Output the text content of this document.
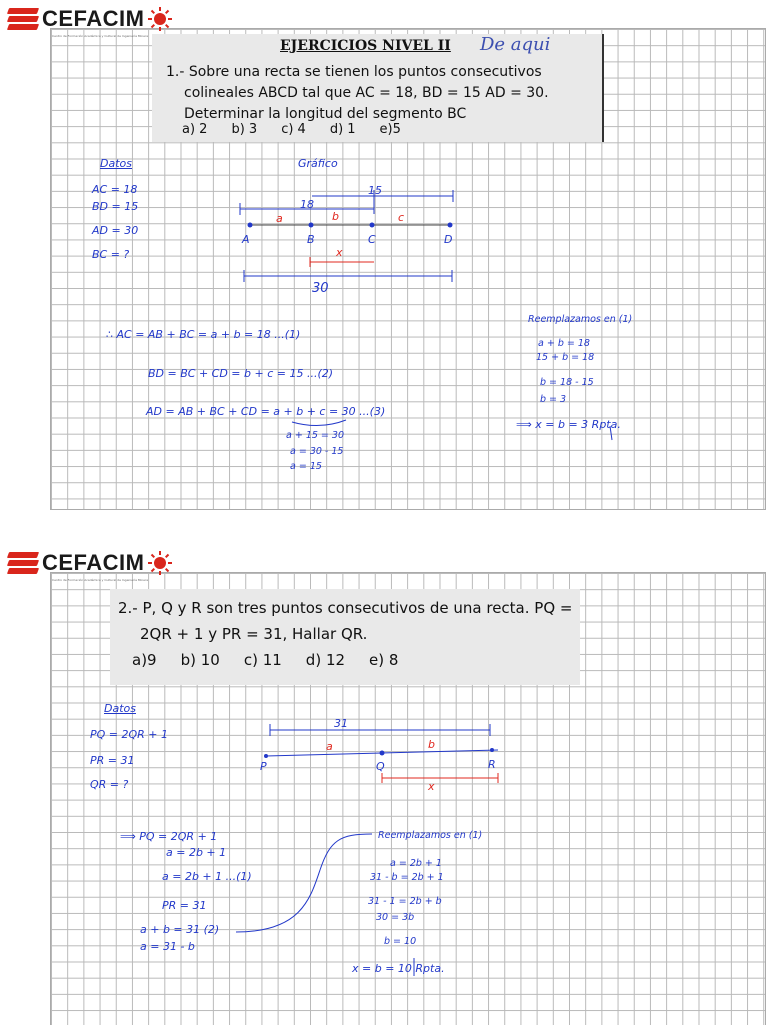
CEFACIM
Centro de Formación Académica y Cultural de Ingeniería Minera
EJERCICIOS NIVEL II De aqui
1.- Sobre una recta se tienen los puntos consecutivos
colineales ABCD tal que AC = 18, BD = 15 AD = 30.
Determinar la longitud del segmento BC
a) 2 b) 3 c) 4 d) 1 e)5
Datos
AC = 18
BD = 15
AD = 30
BC = ?
Gráfico
18
15
a	b	c
A	B	C	D
x
30
∴ AC = AB + BC = a + b = 18 ...(1)
BD = BC + CD = b + c = 15 ...(2)
AD = AB + BC + CD = a + b + c = 30 ...(3)
a + 15 = 30
a = 30 - 15
a = 15
Reemplazamos en (1)
a + b = 18
15 + b = 18
b = 18 - 15
b = 3
⟹ x = b = 3 Rpta.
CEFACIM
Centro de Formación Académica y Cultural de Ingeniería Minera
2.- P, Q y R son tres puntos consecutivos de una recta. PQ =
2QR + 1 y PR = 31, Hallar QR.
a)9 b) 10 c) 11 d) 12 e) 8
Datos
PQ = 2QR + 1
PR = 31
QR = ?
31
a	b
P	Q	R
x
⟹ PQ = 2QR + 1
a = 2b + 1
a = 2b + 1 ...(1)
PR = 31
a + b = 31 (2)
a = 31 - b
Reemplazamos en (1)
a = 2b + 1
31 - b = 2b + 1
31 - 1 = 2b + b
30 = 3b
b = 10
x = b = 10 Rpta.
